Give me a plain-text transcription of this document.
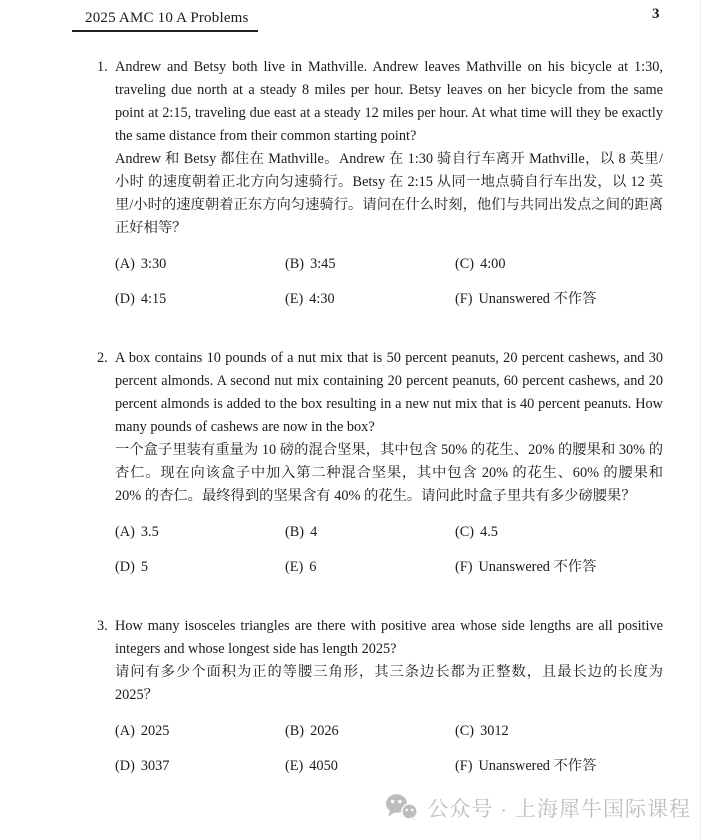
2025 AMC 10 A Problems	3
1. Andrew and Betsy both live in Mathville. Andrew leaves Mathville on his bicycle at 1:30, traveling due north at a steady 8 miles per hour. Betsy leaves on her bicycle from the same point at 2:15, traveling due east at a steady 12 miles per hour. At what time will they be exactly the same distance from their common starting point?

Andrew 和 Betsy 都住在 Mathville。Andrew 在 1:30 骑自行车离开 Mathville，以 8 英里/小时 的速度朝着正北方向匀速骑行。Betsy 在 2:15 从同一地点骑自行车出发，以 12 英里/小时的速度朝着正东方向匀速骑行。请问在什么时刻，他们与共同出发点之间的距离正好相等？

(A) 3:30	(B) 3:45	(C) 4:00
(D) 4:15	(E) 4:30	(F) Unanswered 不作答
2. A box contains 10 pounds of a nut mix that is 50 percent peanuts, 20 percent cashews, and 30 percent almonds. A second nut mix containing 20 percent peanuts, 60 percent cashews, and 20 percent almonds is added to the box resulting in a new nut mix that is 40 percent peanuts. How many pounds of cashews are now in the box?

一个盒子里装有重量为 10 磅的混合坚果，其中包含 50% 的花生、20% 的腰果和 30% 的杏仁。现在向该盒子中加入第二种混合坚果，其中包含 20% 的花生、60% 的腰果和 20% 的杏仁。最终得到的坚果含有 40% 的花生。请问此时盒子里共有多少磅腰果？

(A) 3.5	(B) 4	(C) 4.5
(D) 5	(E) 6	(F) Unanswered 不作答
3. How many isosceles triangles are there with positive area whose side lengths are all positive integers and whose longest side has length 2025?

请问有多少个面积为正的等腰三角形，其三条边长都为正整数，且最长边的长度为 2025？

(A) 2025	(B) 2026	(C) 3012
(D) 3037	(E) 4050	(F) Unanswered 不作答
公众号 · 上海犀牛国际课程
